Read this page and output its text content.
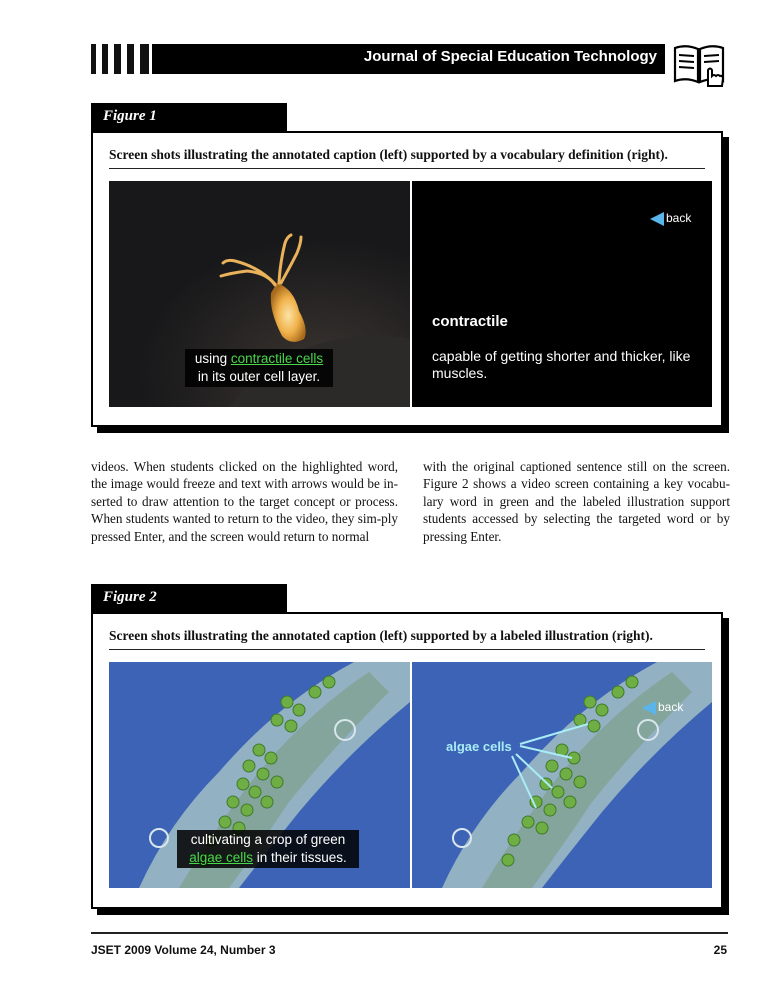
Journal of Special Education Technology
Figure 1
Screen shots illustrating the annotated caption (left) supported by a vocabulary definition (right).
using contractile cells
in its outer cell layer.
back
contractile
capable of getting shorter and thicker, like muscles.
videos. When students clicked on the highlighted word, the image would freeze and text with arrows would be in-serted to draw attention to the target concept or process. When students wanted to return to the video, they sim-ply pressed Enter, and the screen would return to normal
with the original captioned sentence still on the screen. Figure 2 shows a video screen containing a key vocabu-lary word in green and the labeled illustration support students accessed by selecting the targeted word or by pressing Enter.
Figure 2
Screen shots illustrating the annotated caption (left) supported by a labeled illustration (right).
cultivating a crop of green
algae cells in their tissues.
back
algae cells
JSET 2009 Volume 24, Number 3	25
